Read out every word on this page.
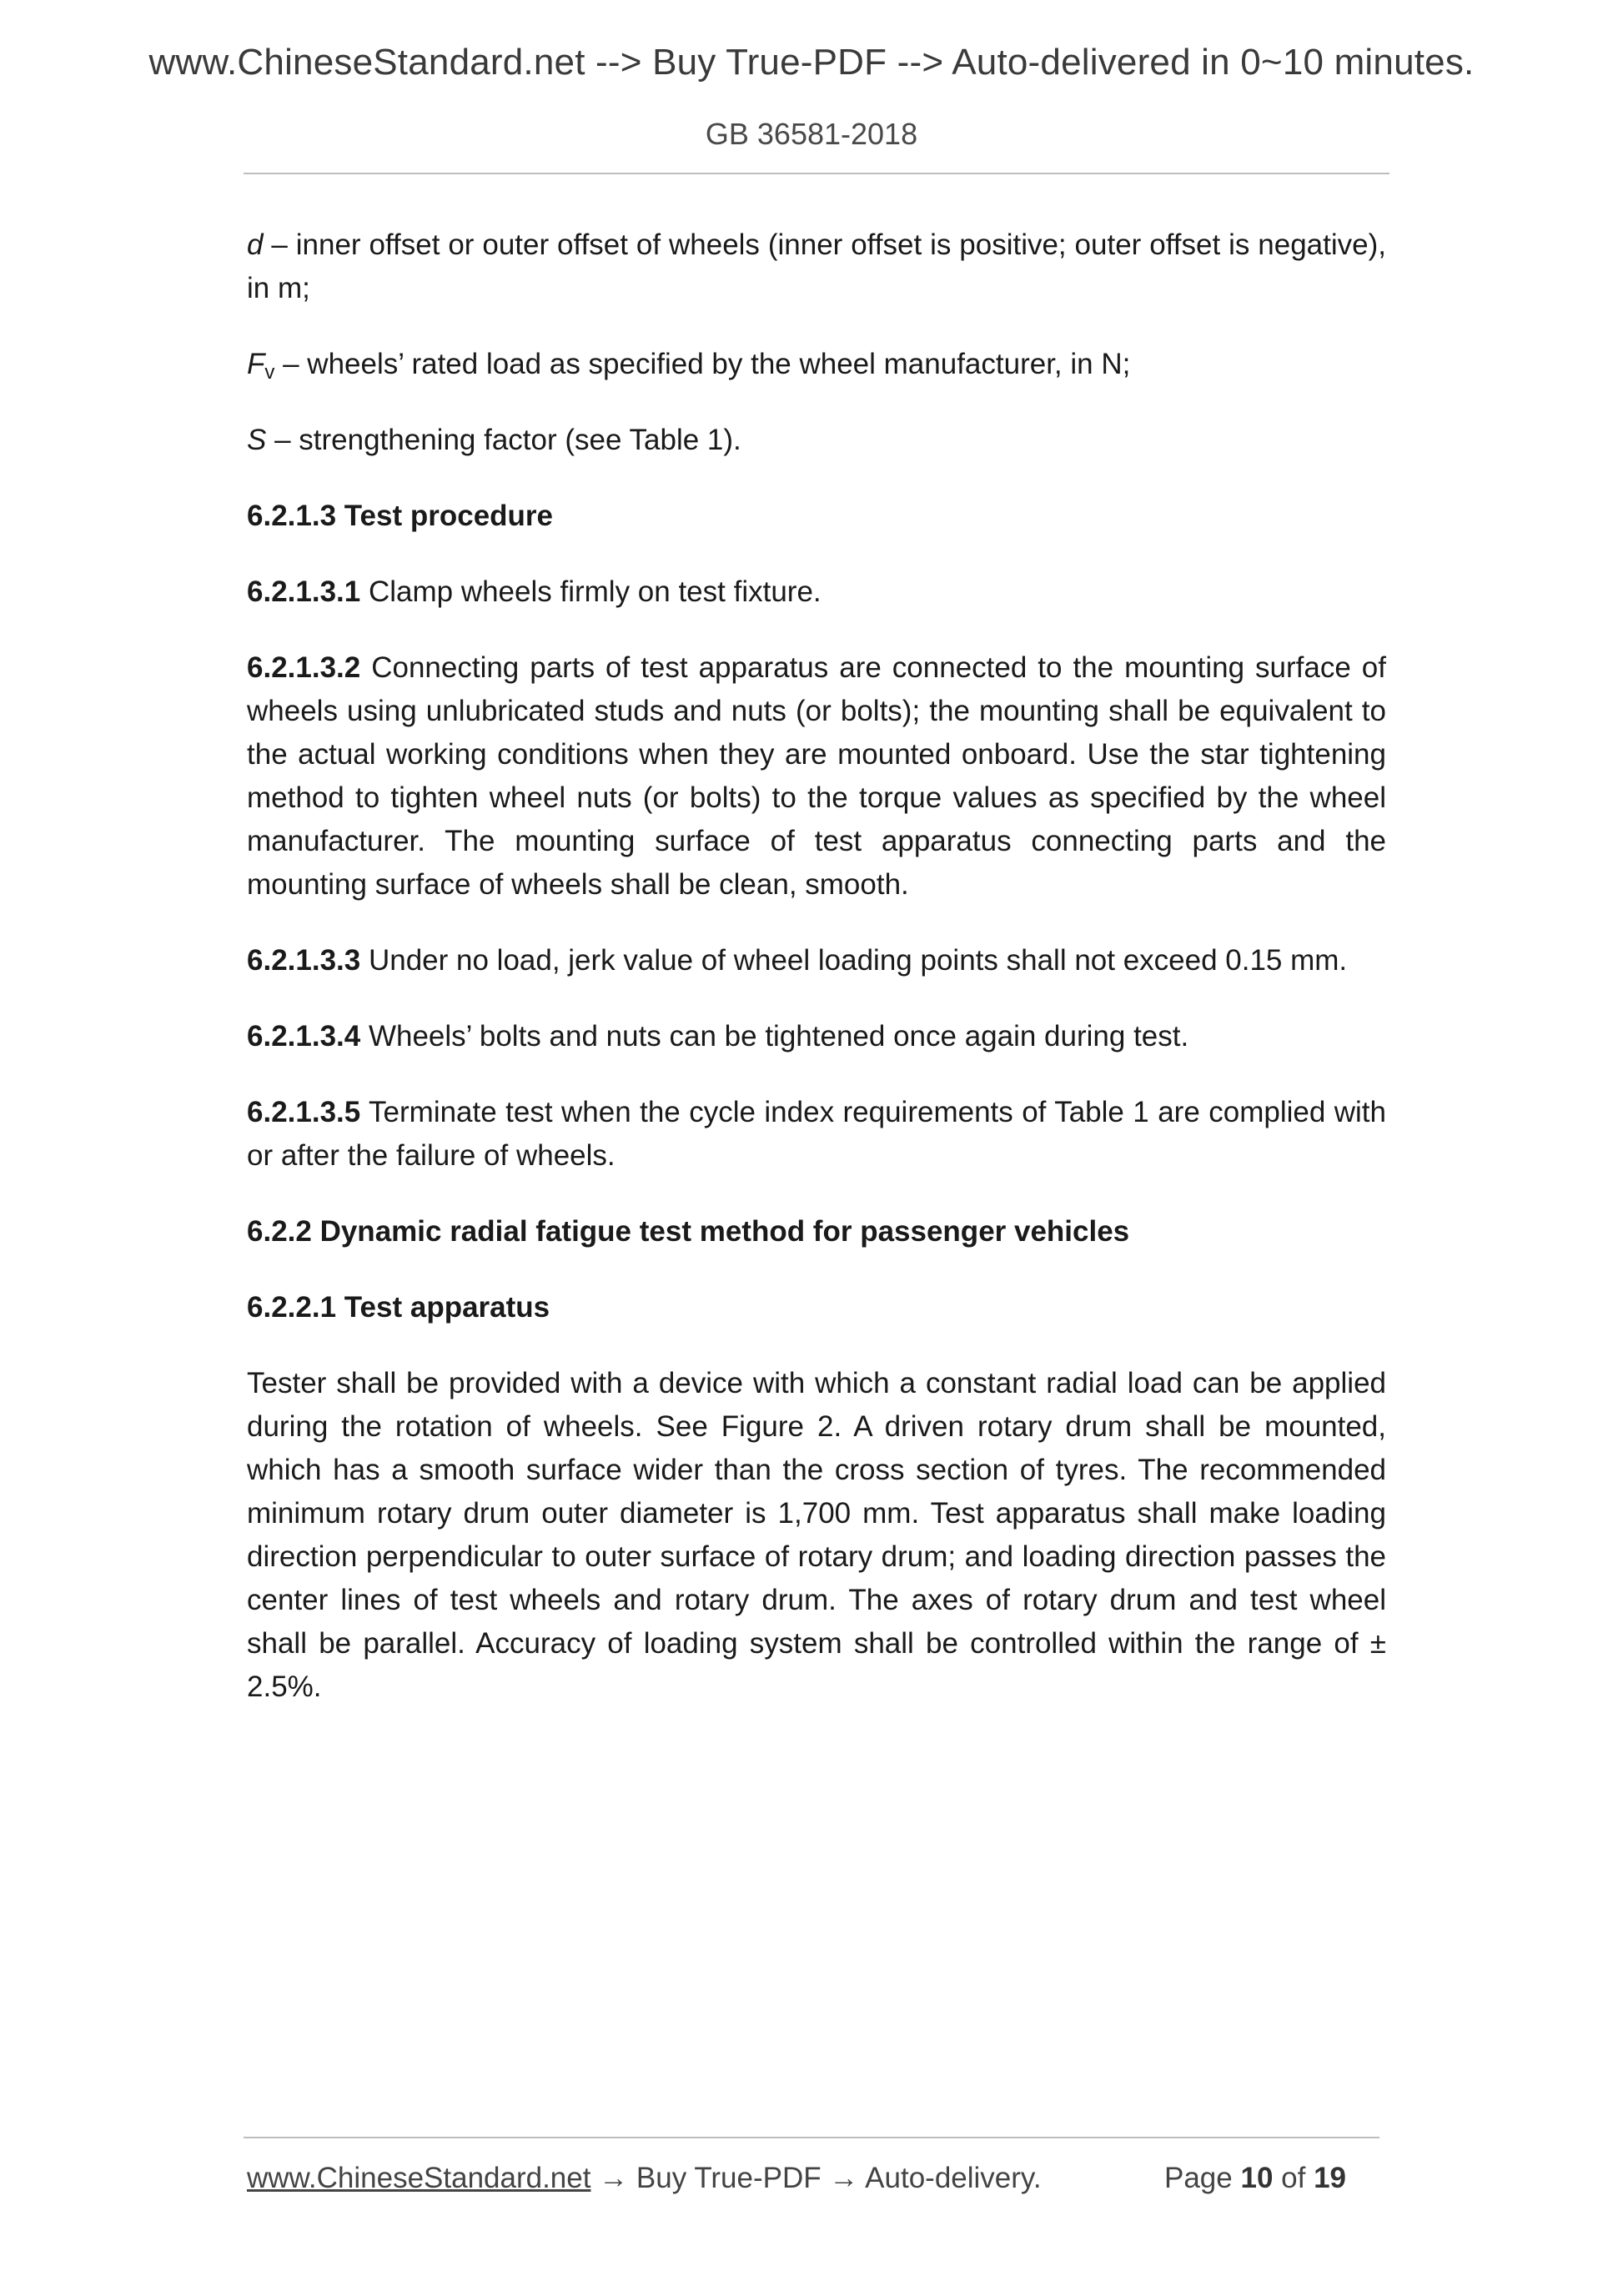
www.ChineseStandard.net --> Buy True-PDF --> Auto-delivered in 0~10 minutes.
GB 36581-2018

d – inner offset or outer offset of wheels (inner offset is positive; outer offset is negative), in m;

$F_v$ – wheels’ rated load as specified by the wheel manufacturer, in N;

S – strengthening factor (see Table 1).

6.2.1.3 Test procedure

6.2.1.3.1 Clamp wheels firmly on test fixture.

6.2.1.3.2 Connecting parts of test apparatus are connected to the mounting surface of wheels using unlubricated studs and nuts (or bolts); the mounting shall be equivalent to the actual working conditions when they are mounted onboard. Use the star tightening method to tighten wheel nuts (or bolts) to the torque values as specified by the wheel manufacturer. The mounting surface of test apparatus connecting parts and the mounting surface of wheels shall be clean, smooth.

6.2.1.3.3 Under no load, jerk value of wheel loading points shall not exceed 0.15 mm.

6.2.1.3.4 Wheels’ bolts and nuts can be tightened once again during test.

6.2.1.3.5 Terminate test when the cycle index requirements of Table 1 are complied with or after the failure of wheels.

6.2.2 Dynamic radial fatigue test method for passenger vehicles

6.2.2.1 Test apparatus

Tester shall be provided with a device with which a constant radial load can be applied during the rotation of wheels. See Figure 2. A driven rotary drum shall be mounted, which has a smooth surface wider than the cross section of tyres. The recommended minimum rotary drum outer diameter is 1,700 mm. Test apparatus shall make loading direction perpendicular to outer surface of rotary drum; and loading direction passes the center lines of test wheels and rotary drum. The axes of rotary drum and test wheel shall be parallel. Accuracy of loading system shall be controlled within the range of ± 2.5%.

www.ChineseStandard.net → Buy True-PDF → Auto-delivery.	Page 10 of 19
